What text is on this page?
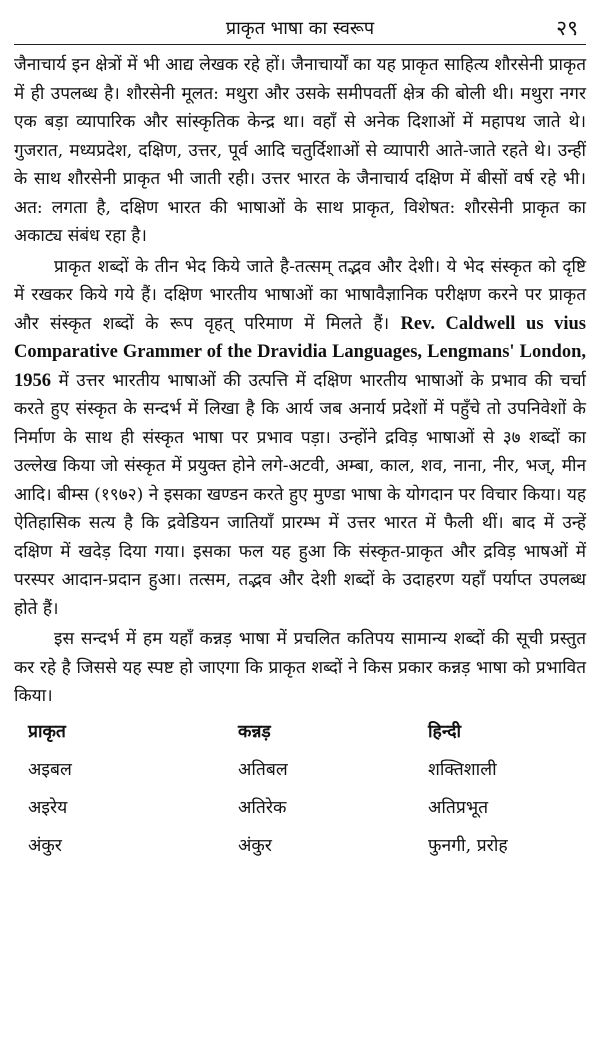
प्राकृत भाषा का स्वरूप	२९

जैनाचार्य इन क्षेत्रों में भी आद्य लेखक रहे हों। जैनाचार्यों का यह प्राकृत साहित्य शौरसेनी प्राकृत में ही उपलब्ध है। शौरसेनी मूलत: मथुरा और उसके समीपवर्ती क्षेत्र की बोली थी। मथुरा नगर एक बड़ा व्यापारिक और सांस्कृतिक केन्द्र था। वहाँ से अनेक दिशाओं में महापथ जाते थे। गुजरात, मध्यप्रदेश, दक्षिण, उत्तर, पूर्व आदि चतुर्दिशाओं से व्यापारी आते-जाते रहते थे। उन्हीं के साथ शौरसेनी प्राकृत भी जाती रही। उत्तर भारत के जैनाचार्य दक्षिण में बीसों वर्ष रहे भी। अत: लगता है, दक्षिण भारत की भाषाओं के साथ प्राकृत, विशेषत: शौरसेनी प्राकृत का अकाट्य संबंध रहा है।

प्राकृत शब्दों के तीन भेद किये जाते है-तत्सम् तद्भव और देशी। ये भेद संस्कृत को दृष्टि में रखकर किये गये हैं। दक्षिण भारतीय भाषाओं का भाषावैज्ञानिक परीक्षण करने पर प्राकृत और संस्कृत शब्दों के रूप वृहत् परिमाण में मिलते हैं। Rev. Caldwell us vius Comparative Grammer of the Dravidia Languages, Lengmans' London, 1956 में उत्तर भारतीय भाषाओं की उत्पत्ति में दक्षिण भारतीय भाषाओं के प्रभाव की चर्चा करते हुए संस्कृत के सन्दर्भ में लिखा है कि आर्य जब अनार्य प्रदेशों में पहुँचे तो उपनिवेशों के निर्माण के साथ ही संस्कृत भाषा पर प्रभाव पड़ा। उन्होंने द्रविड़ भाषाओं से ३७ शब्दों का उल्लेख किया जो संस्कृत में प्रयुक्त होने लगे-अटवी, अम्बा, काल, शव, नाना, नीर, भज्, मीन आदि। बीम्स (१९७२) ने इसका खण्डन करते हुए मुण्डा भाषा के योगदान पर विचार किया। यह ऐतिहासिक सत्य है कि द्रवेडियन जातियाँ प्रारम्भ में उत्तर भारत में फैली थीं। बाद में उन्हें दक्षिण में खदेड़ दिया गया। इसका फल यह हुआ कि संस्कृत-प्राकृत और द्रविड़ भाषओं में परस्पर आदान-प्रदान हुआ। तत्सम, तद्भव और देशी शब्दों के उदाहरण यहाँ पर्याप्त उपलब्ध होते हैं।

इस सन्दर्भ में हम यहाँ कन्नड़ भाषा में प्रचलित कतिपय सामान्य शब्दों की सूची प्रस्तुत कर रहे है जिससे यह स्पष्ट हो जाएगा कि प्राकृत शब्दों ने किस प्रकार कन्नड़ भाषा को प्रभावित किया।

प्राकृत	कन्नड़	हिन्दी
अइबल	अतिबल	शक्तिशाली
अइरेय	अतिरेक	अतिप्रभूत
अंकुर	अंकुर	फुनगी, प्ररोह
